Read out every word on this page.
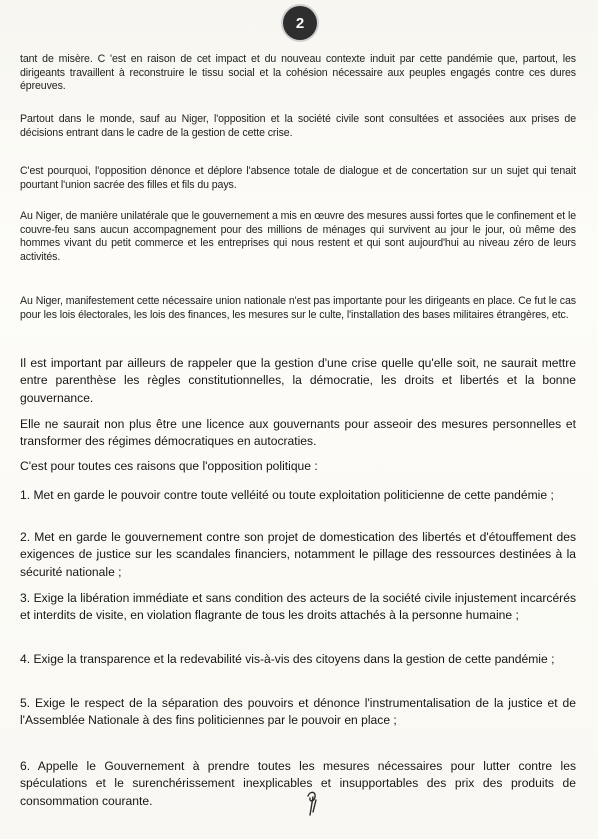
2

tant de misère. C 'est en raison de cet impact et du nouveau contexte induit par cette pandémie que, partout, les dirigeants travaillent à reconstruire le tissu social et la cohésion nécessaire aux peuples engagés contre ces dures épreuves.

Partout dans le monde, sauf au Niger, l'opposition et la société civile sont consultées et associées aux prises de décisions entrant dans le cadre de la gestion de cette crise.

C'est pourquoi, l'opposition dénonce et déplore l'absence totale de dialogue et de concertation sur un sujet qui tenait pourtant l'union sacrée des filles et fils du pays.

Au Niger, de manière unilatérale que le gouvernement a mis en œuvre des mesures aussi fortes que le confinement et le couvre-feu sans aucun accompagnement pour des millions de ménages qui survivent au jour le jour, où même des hommes vivant du petit commerce et les entreprises qui nous restent et qui sont aujourd'hui au niveau zéro de leurs activités.

Au Niger, manifestement cette nécessaire union nationale n'est pas importante pour les dirigeants en place. Ce fut le cas pour les lois électorales, les lois des finances, les mesures sur le culte, l'installation des bases militaires étrangères, etc.

Il est important par ailleurs de rappeler que la gestion d'une crise quelle qu'elle soit, ne saurait mettre entre parenthèse les règles constitutionnelles, la démocratie, les droits et libertés et la bonne gouvernance.

Elle ne saurait non plus être une licence aux gouvernants pour asseoir des mesures personnelles et transformer des régimes démocratiques en autocraties.

C'est pour toutes ces raisons que l'opposition politique :

1. Met en garde le pouvoir contre toute velléité ou toute exploitation politicienne de cette pandémie ;

2. Met en garde le gouvernement contre son projet de domestication des libertés et d'étouffement des exigences de justice sur les scandales financiers, notamment le pillage des ressources destinées à la sécurité nationale ;

3. Exige la libération immédiate et sans condition des acteurs de la société civile injustement incarcérés et interdits de visite, en violation flagrante de tous les droits attachés à la personne humaine ;

4. Exige la transparence et la redevabilité vis-à-vis des citoyens dans la gestion de cette pandémie ;

5. Exige le respect de la séparation des pouvoirs et dénonce l'instrumentalisation de la justice et de l'Assemblée Nationale à des fins politiciennes par le pouvoir en place ;

6. Appelle le Gouvernement à prendre toutes les mesures nécessaires pour lutter contre les spéculations et le surenchérissement inexplicables et insupportables des prix des produits de consommation courante.
